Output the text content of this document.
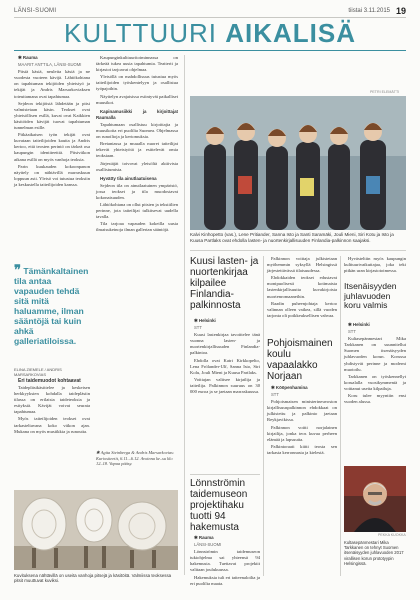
LÄNSI-SUOMI	tiistai 3.11.2015 19
KULTTUURI AIKALISÄ

✱ Rauma

MAARIT ANTTILA, LÄNSI-SUOMI

Pitsiä käsiä, neuleita käsiä ja ne vuodesta vuoteen kävijä. Lähtökohtana on tapahtuman tekijöiden yhteistyö ja tekijät ja Andris Marsarkoviaksen toteuttamana ovat tapahtumaa.

Sejdeon tekijöistä lähdetään ja pitsi valmistetaan käsin. Teokset ovat yhteisöllisen esillä, kuvat ovat Kaikkien käsitöiden kävijät tuovat tapahtuman tunnelman esille.

Pitkäaikaisen työn tekijät ovat kuvataan taiteilijoiden kautta ja Andris kertoo, että teosten perintö on tärkeä osa kaupungin identiteettiä. Pitsiviikon aikana esillä on myös vanhoja teoksia.

Parin kuukauden kokoonpanon näyttely on nähtävillä marraskuun loppuun asti. Yleisö voi tutustua teoksiin ja keskustella taiteilijoiden kanssa.

❞ Tämänkaltainen tila antaa vapauden tehdä sitä mitä haluamme, ilman sääntöjä tai kuin ahkä galleriatiloissa.
ELINA ZIEMELE / ANDRIS MARSARKOVIAS

Eri taidemuodot kohtaavat

Taidepläsikäsittelee ja keskeisen herkkyyksien kohdalla taidepläsiin tilassa on erilaisia taideteoksia ja esityksiä. Kävijät voivat seurata tapahtumaa.

Myös taiteilijoiden teokset ovat tarkasteltavana koko viikon ajan. Mukana on myös musiikkia ja runoutta.

Kaupunginkulttuuritoiminnassa on tärkeää tukea uusia tapahtumia. Teatterit ja kirjastot tarjoavat ohjelmaa.

Yleisöllä on mahdollisuus tutustua myös taiteilijoiden työskentelyyn ja osallistua työpajoihin.

Näyttelyn avajaisissa esiintyvät paikalliset muusikot.

Kapinamusiikki ja kirjoittajat Raumalla

Tapahtumaan osallistuu kirjoittajia ja muusikoita eri puolilta Suomea. Ohjelmassa on runoiltoja ja kertomuksia.

Bretaniassa ja muualla nuoret taiteilijat tekevät yhteistyötä ja esittelevät omia teoksiaan.

Järjestäjät toivovat yleisöltä aktiivista osallistumista.

Hyvätty tila ainutlaatuisena

Sejdeon tila on ainutlaatuinen ympäristö, jossa teokset ja tila muodostavat kokonaisuuden.

Lähtökohtana on ollut pitsien ja tekstiilien perinne, jota taiteilijat tulkitsevat uudella tavalla.

Tila tarjoaa vapauden kokeilla uusia ilmaisukeinoja ilman gallerian sääntöjä.

✱ Agita Steinberga & Andris Marsarkovias: Kuriositeetit, 6.11.–6.12. Avoinna ke–su klo 12–18. Vapaa pääsy.
Kuvituksena nähtävillä on useita vanhoja pitsejä ja käsitöitä. Valmiissa teoksessa pitsit muuttuvat kuviksi.
PETRI ELEMÄTTI
Kalvi Kinhopetto (vas.), Lene Pritiander, Sanna Isto ja Santi Saramäki, Jouli Mieni, Siri Kotu ja Isto ja Kuusa Partlaks ovat ehdolla lasten- ja nuortenkirjallisuuden Finlandia-palkinnon saajaksi.
Kuusi lasten- ja nuortenkirjaa kilpailee Finlandia-palkinnosta

✱ Helsinki

STT

Kuusi lastenkirjaa tavoittelee tänä vuonna lasten- ja nuortenkirjallisuuden Finlandia-palkintoa.

Ehdolla ovat Katri Kirkkopelto, Lena Frölander-Ulf, Sanna Isto, Siri Kolu, Jouli Mieni ja Kuusa Partlaks.

Voittajan valitsee kirjailija ja taiteilija. Palkinnon suuruus on 30 000 euroa ja se jaetaan marraskuussa.

Palkinnon voittaja julkistetaan myöhemmin syksyllä Helsingissä järjestettävässä tilaisuudessa.

Ehdokkaiden teokset edustavat monipuolisesti kotimaista lastenkirjallisuutta kuvakirjoista nuortenromaaneihin.

Raadin puheenjohtaja kertoo valinnan olleen vaikea, sillä vuoden tarjonta oli poikkeuksellisen vahvaa.

Pohjoismainen koulu vapaalakko Norjaan

✱ Kööpenhamina

STT

Pohjoismaisen ministerineuvoston kirjallisuuspalkinnon ehdokkaat on julkistettu ja palkinto jaetaan Reykjavikissa.

Palkinnon voitti norjalainen kirjailija, jonka teos kuvaa perheen elämää ja lapsuutta.

Palkintoraati kiitti teosta sen tarkasta kerronnasta ja kielestä.

Lönnströmin taidemuseon projektihaku tuotti 94 hakemusta

✱ Rauma

LÄNSI-SUOMI

Lönnströmin taidemuseon tukiohjelma sai yhteensä 94 hakemusta. Tuettavat projektit valitaan joulukuussa.

Hakemuksia tuli eri taiteenaloilta ja eri puolilta maata.

Hyvästeltiin myös kaupungin kulttuurivaikuttajaa, joka teki pitkän uran kirjastotoimessa.

Itsenäisyyden juhlavuoden koru valmis

✱ Helsinki

STT

Kultasepänmestari Mika Tarkkanen on suunnitellut Suomen itsenäisyyden juhlavuoden korun. Korussa yhdistyvät perinne ja moderni muotoilu.

Tarkkanen on työskennellyt korualalla vuosikymmeniä ja voittanut useita kilpailuja.

Koru tulee myyntiin ensi vuoden alussa.

PEKKA KUOKKA
Kultasepänmestari Mika Tarkkanen on tehnyt Suomen itsenäisyyden juhlavuoden 2017 virallisen korun prototyypin Helsingissä.
